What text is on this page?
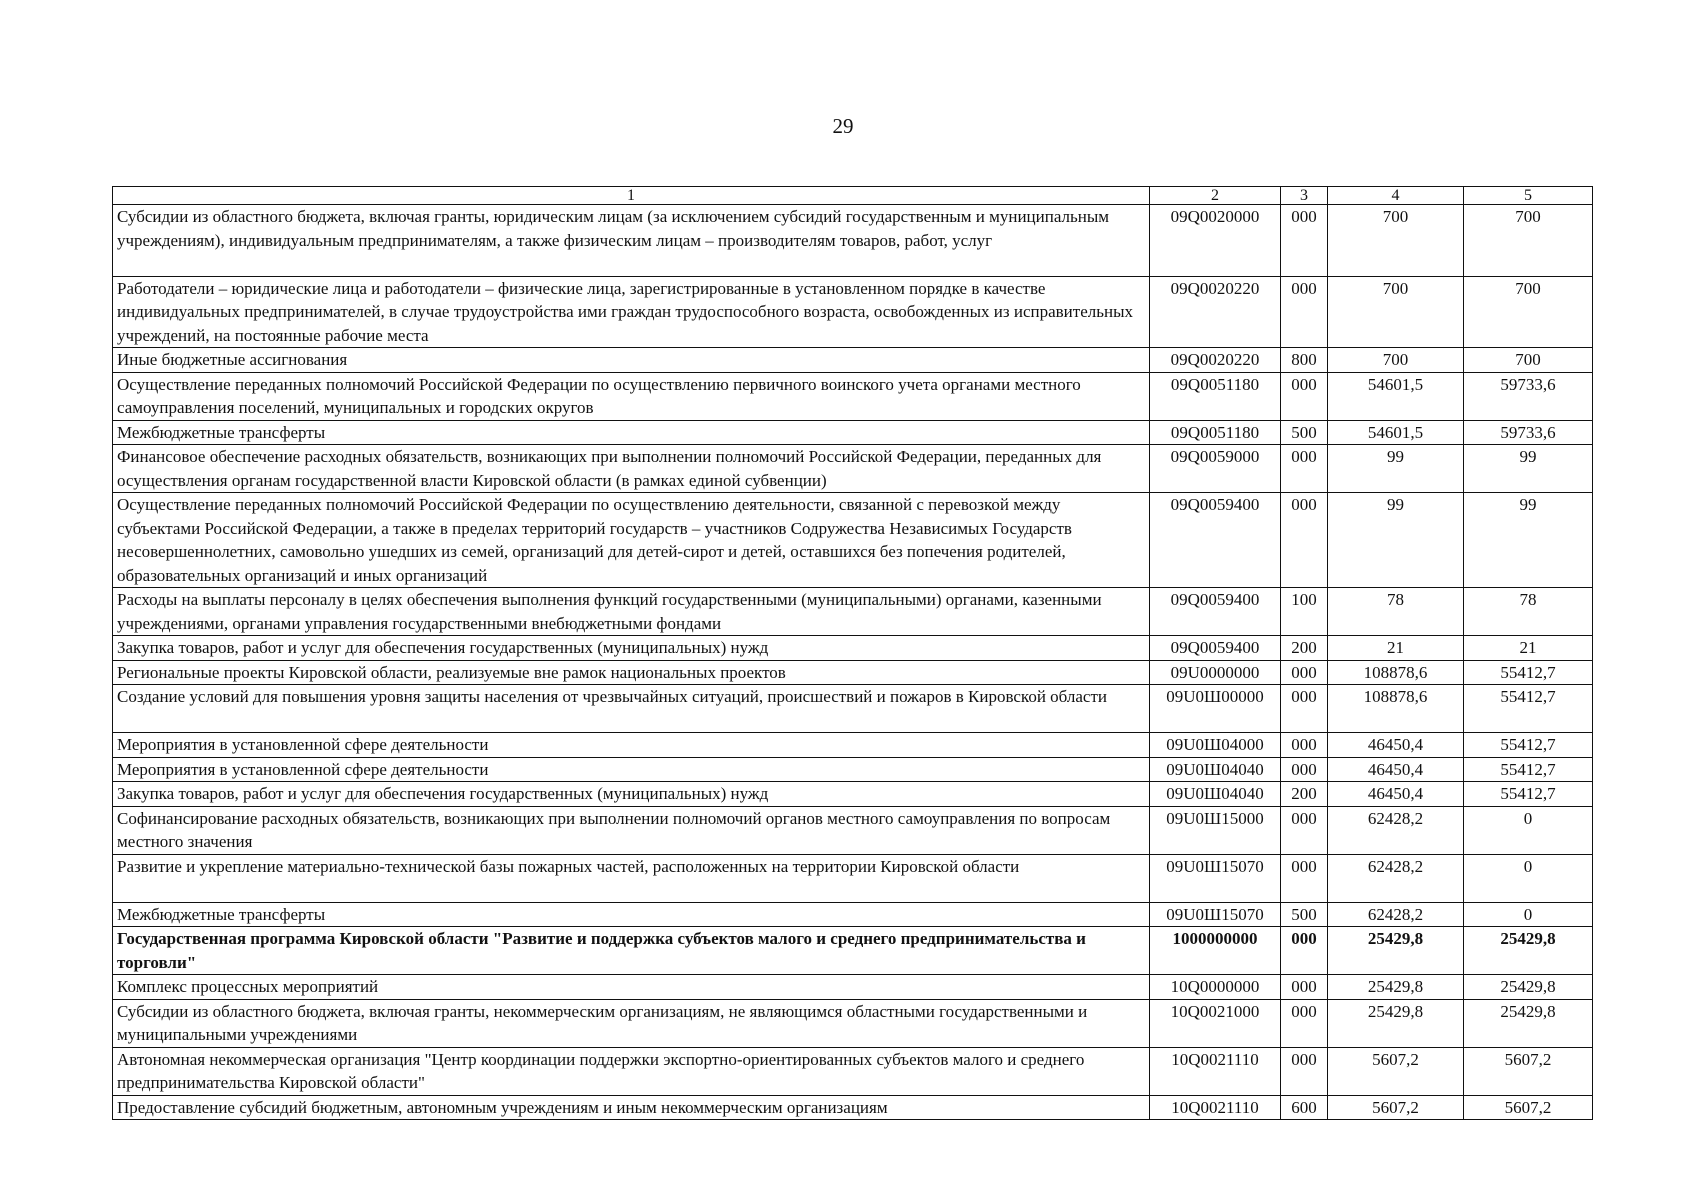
29
1	2	3	4	5
Субсидии из областного бюджета, включая гранты, юридическим лицам (за исключением субсидий государственным и муниципальным учреждениям), индивидуальным предпринимателям, а также физическим лицам – производителям товаров, работ, услуг	09Q0020000	000	700	700
Работодатели – юридические лица и работодатели – физические лица, зарегистрированные в установленном порядке в качестве индивидуальных предпринимателей, в случае трудоустройства ими граждан трудоспособного возраста, освобожденных из исправительных учреждений, на постоянные рабочие места	09Q0020220	000	700	700
Иные бюджетные ассигнования	09Q0020220	800	700	700
Осуществление переданных полномочий Российской Федерации по осуществлению первичного воинского учета органами местного самоуправления поселений, муниципальных и городских округов	09Q0051180	000	54601,5	59733,6
Межбюджетные трансферты	09Q0051180	500	54601,5	59733,6
Финансовое обеспечение расходных обязательств, возникающих при выполнении полномочий Российской Федерации, переданных для осуществления органам государственной власти Кировской области (в рамках единой субвенции)	09Q0059000	000	99	99
Осуществление переданных полномочий Российской Федерации по осуществлению деятельности, связанной с перевозкой между субъектами Российской Федерации, а также в пределах территорий государств – участников Содружества Независимых Государств несовершеннолетних, самовольно ушедших из семей, организаций для детей-сирот и детей, оставшихся без попечения родителей, образовательных организаций и иных организаций	09Q0059400	000	99	99
Расходы на выплаты персоналу в целях обеспечения выполнения функций государственными (муниципальными) органами, казенными учреждениями, органами управления государственными внебюджетными фондами	09Q0059400	100	78	78
Закупка товаров, работ и услуг для обеспечения государственных (муниципальных) нужд	09Q0059400	200	21	21
Региональные проекты Кировской области, реализуемые вне рамок национальных проектов	09U0000000	000	108878,6	55412,7
Создание условий для повышения уровня защиты населения от чрезвычайных ситуаций, происшествий и пожаров в Кировской области	09U0Ш00000	000	108878,6	55412,7
Мероприятия в установленной сфере деятельности	09U0Ш04000	000	46450,4	55412,7
Мероприятия в установленной сфере деятельности	09U0Ш04040	000	46450,4	55412,7
Закупка товаров, работ и услуг для обеспечения государственных (муниципальных) нужд	09U0Ш04040	200	46450,4	55412,7
Софинансирование расходных обязательств, возникающих при выполнении полномочий органов местного самоуправления по вопросам местного значения	09U0Ш15000	000	62428,2	0
Развитие и укрепление материально-технической базы пожарных частей, расположенных на территории Кировской области	09U0Ш15070	000	62428,2	0
Межбюджетные трансферты	09U0Ш15070	500	62428,2	0
Государственная программа Кировской области "Развитие и поддержка субъектов малого и среднего предпринимательства и торговли"	1000000000	000	25429,8	25429,8
Комплекс процессных мероприятий	10Q0000000	000	25429,8	25429,8
Субсидии из областного бюджета, включая гранты, некоммерческим организациям, не являющимся областными государственными и муниципальными учреждениями	10Q0021000	000	25429,8	25429,8
Автономная некоммерческая организация "Центр координации поддержки экспортно-ориентированных субъектов малого и среднего предпринимательства Кировской области"	10Q0021110	000	5607,2	5607,2
Предоставление субсидий бюджетным, автономным учреждениям и иным некоммерческим организациям	10Q0021110	600	5607,2	5607,2
